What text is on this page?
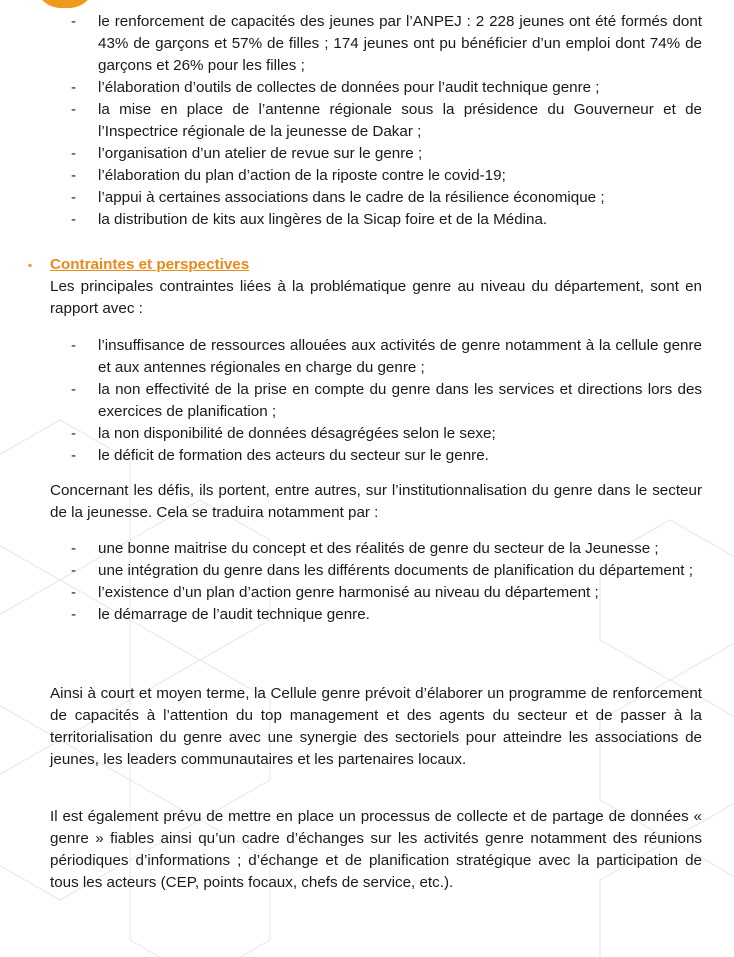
- le renforcement de capacités des jeunes par l’ANPEJ : 2 228 jeunes ont été formés dont 43% de garçons et 57% de filles ; 174 jeunes ont pu bénéficier d’un emploi dont 74% de garçons et 26% pour les filles ;
- l’élaboration d’outils de collectes de données pour l’audit technique genre ;
- la mise en place de l’antenne régionale sous la présidence du Gouverneur et de l’Inspectrice régionale de la jeunesse de Dakar ;
- l’organisation d’un atelier de revue sur le genre ;
- l’élaboration du plan d’action de la riposte contre le covid-19;
- l’appui à certaines associations dans le cadre de la résilience économique ;
- la distribution de kits aux lingères de la Sicap foire et de la Médina.
▪ Contraintes et perspectives

Les principales contraintes liées à la problématique genre au niveau du département, sont en rapport avec :

- l’insuffisance de ressources allouées aux activités de genre notamment à la cellule genre et aux antennes régionales en charge du genre ;
- la non effectivité de la prise en compte du genre dans les services et directions lors des exercices de planification ;
- la non disponibilité de données désagrégées selon le sexe;
- le déficit de formation des acteurs du secteur sur le genre.

Concernant les défis, ils portent, entre autres, sur l’institutionnalisation du genre dans le secteur de la jeunesse. Cela se traduira notamment par :

- une bonne maitrise du concept et des réalités de genre du secteur de la Jeunesse ;
- une intégration du genre dans les différents documents de planification du département ;
- l’existence d’un plan d’action genre harmonisé au niveau du département ;
- le démarrage de l’audit technique genre.

Ainsi à court et moyen terme, la Cellule genre prévoit d’élaborer un programme de renforcement de capacités à l’attention du top management et des agents du secteur et de passer à la territorialisation du genre avec une synergie des sectoriels pour atteindre les associations de jeunes, les leaders communautaires et les partenaires locaux.

Il est également prévu de mettre en place un processus de collecte et de partage de données « genre » fiables ainsi qu’un cadre d’échanges sur les activités genre notamment des réunions périodiques d’informations ; d’échange et de planification stratégique avec la participation de tous les acteurs (CEP, points focaux, chefs de service, etc.).
